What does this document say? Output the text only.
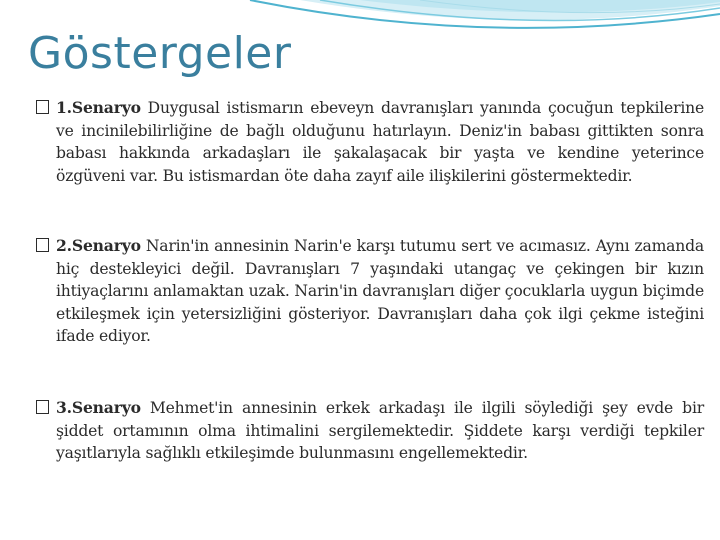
Göstergeler

1.Senaryo Duygusal istismarın ebeveyn davranışları yanında çocuğun tepkilerine ve incinilebilirliğine de bağlı olduğunu hatırlayın. Deniz'in babası gittikten sonra babası hakkında arkadaşları ile şakalaşacak bir yaşta ve kendine yeterince özgüveni var. Bu istismardan öte daha zayıf aile ilişkilerini göstermektedir.

2.Senaryo Narin'in annesinin Narin'e karşı tutumu sert ve acımasız. Aynı zamanda hiç destekleyici değil. Davranışları 7 yaşındaki utangaç ve çekingen bir kızın ihtiyaçlarını anlamaktan uzak. Narin'in davranışları diğer çocuklarla uygun biçimde etkileşmek için yetersizliğini gösteriyor. Davranışları daha çok ilgi çekme isteğini ifade ediyor.

3.Senaryo Mehmet'in annesinin erkek arkadaşı ile ilgili söylediği şey evde bir şiddet ortamının olma ihtimalini sergilemektedir. Şiddete karşı verdiği tepkiler yaşıtlarıyla sağlıklı etkileşimde bulunmasını engellemektedir.
